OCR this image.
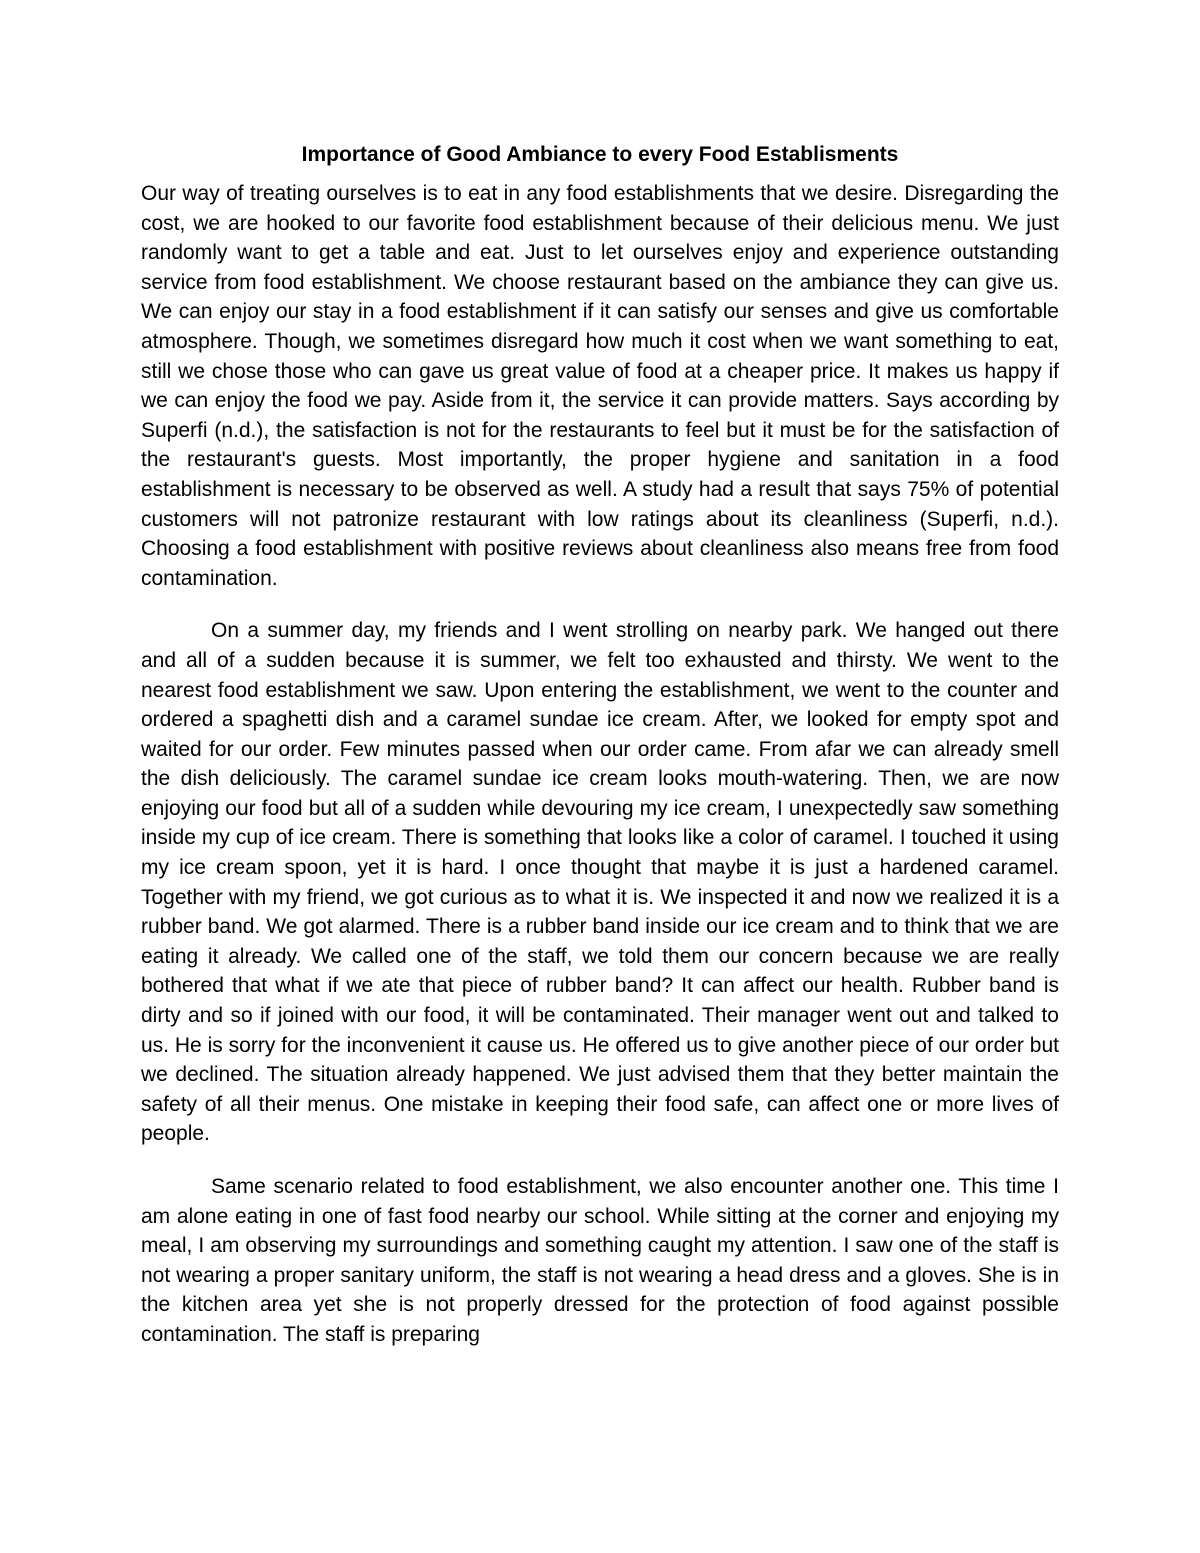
Importance of Good Ambiance to every Food Establisments

Our way of treating ourselves is to eat in any food establishments that we desire. Disregarding the cost, we are hooked to our favorite food establishment because of their delicious menu. We just randomly want to get a table and eat. Just to let ourselves enjoy and experience outstanding service from food establishment. We choose restaurant based on the ambiance they can give us. We can enjoy our stay in a food establishment if it can satisfy our senses and give us comfortable atmosphere. Though, we sometimes disregard how much it cost when we want something to eat, still we chose those who can gave us great value of food at a cheaper price. It makes us happy if we can enjoy the food we pay. Aside from it, the service it can provide matters. Says according by Superfi (n.d.), the satisfaction is not for the restaurants to feel but it must be for the satisfaction of the restaurant's guests. Most importantly, the proper hygiene and sanitation in a food establishment is necessary to be observed as well. A study had a result that says 75% of potential customers will not patronize restaurant with low ratings about its cleanliness (Superfi, n.d.). Choosing a food establishment with positive reviews about cleanliness also means free from food contamination.

On a summer day, my friends and I went strolling on nearby park. We hanged out there and all of a sudden because it is summer, we felt too exhausted and thirsty. We went to the nearest food establishment we saw. Upon entering the establishment, we went to the counter and ordered a spaghetti dish and a caramel sundae ice cream. After, we looked for empty spot and waited for our order. Few minutes passed when our order came. From afar we can already smell the dish deliciously. The caramel sundae ice cream looks mouth-watering. Then, we are now enjoying our food but all of a sudden while devouring my ice cream, I unexpectedly saw something inside my cup of ice cream. There is something that looks like a color of caramel. I touched it using my ice cream spoon, yet it is hard. I once thought that maybe it is just a hardened caramel. Together with my friend, we got curious as to what it is. We inspected it and now we realized it is a rubber band. We got alarmed. There is a rubber band inside our ice cream and to think that we are eating it already. We called one of the staff, we told them our concern because we are really bothered that what if we ate that piece of rubber band? It can affect our health. Rubber band is dirty and so if joined with our food, it will be contaminated. Their manager went out and talked to us. He is sorry for the inconvenient it cause us. He offered us to give another piece of our order but we declined. The situation already happened. We just advised them that they better maintain the safety of all their menus. One mistake in keeping their food safe, can affect one or more lives of people.

Same scenario related to food establishment, we also encounter another one. This time I am alone eating in one of fast food nearby our school. While sitting at the corner and enjoying my meal, I am observing my surroundings and something caught my attention. I saw one of the staff is not wearing a proper sanitary uniform, the staff is not wearing a head dress and a gloves. She is in the kitchen area yet she is not properly dressed for the protection of food against possible contamination. The staff is preparing
